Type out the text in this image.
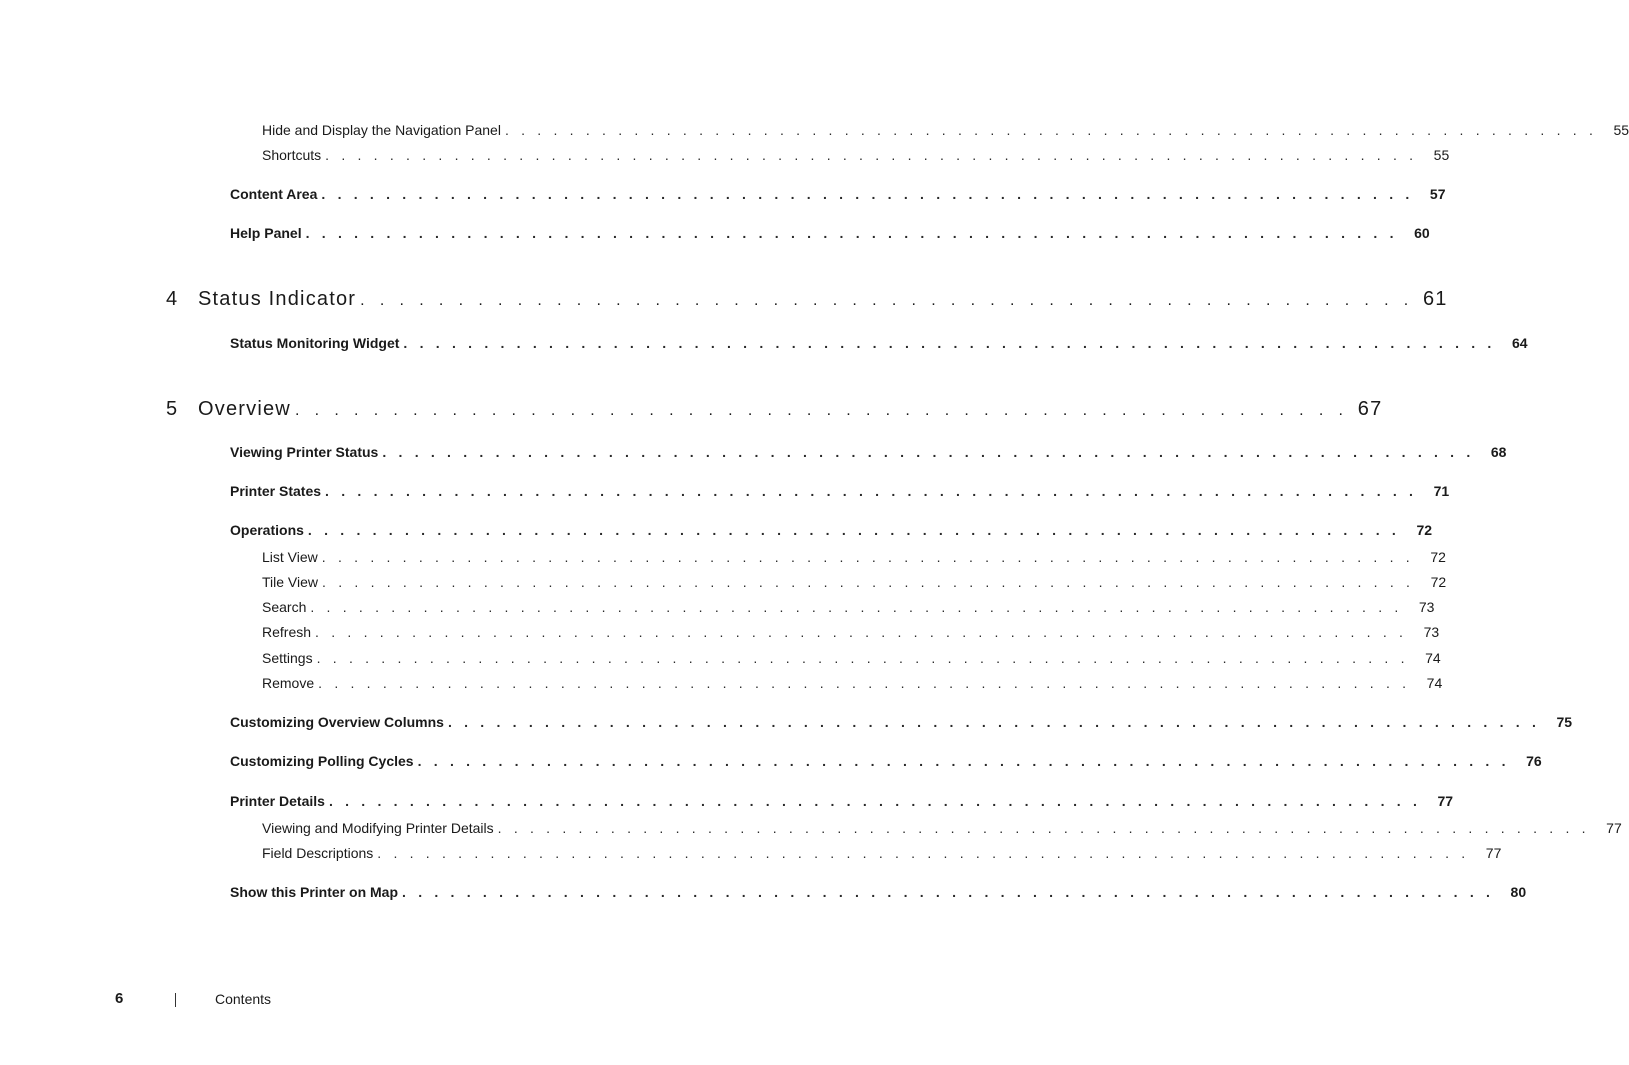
Hide and Display the Navigation Panel . . . . . . . . . . . . . . . . . . . . . . . . . . . . . . . . . . . . . . . . . . . . . . . . . . . . . . . . . . . . . . . . . . . .	55
Shortcuts . . . . . . . . . . . . . . . . . . . . . . . . . . . . . . . . . . . . . . . . . . . . . . . . . . . . . . . . . . . . . . . . . . . .	55
Content Area . . . . . . . . . . . . . . . . . . . . . . . . . . . . . . . . . . . . . . . . . . . . . . . . . . . . . . . . . . . . . . . . . . . .	57
Help Panel . . . . . . . . . . . . . . . . . . . . . . . . . . . . . . . . . . . . . . . . . . . . . . . . . . . . . . . . . . . . . . . . . . . .	60
4 Status Indicator . . . . . . . . . . . . . . . . . . . . . . . . . . . . . . . . . . . . . . . . . . . . . . . . . . . . . . 61
Status Monitoring Widget . . . . . . . . . . . . . . . . . . . . . . . . . . . . . . . . . . . . . . . . . . . . . . . . . . . . . . . . . . . . . . . . . . . .	64
5 Overview . . . . . . . . . . . . . . . . . . . . . . . . . . . . . . . . . . . . . . . . . . . . . . . . . . . . . . 67
Viewing Printer Status . . . . . . . . . . . . . . . . . . . . . . . . . . . . . . . . . . . . . . . . . . . . . . . . . . . . . . . . . . . . . . . . . . . .	68
Printer States . . . . . . . . . . . . . . . . . . . . . . . . . . . . . . . . . . . . . . . . . . . . . . . . . . . . . . . . . . . . . . . . . . . .	71
Operations . . . . . . . . . . . . . . . . . . . . . . . . . . . . . . . . . . . . . . . . . . . . . . . . . . . . . . . . . . . . . . . . . . . .	72
List View . . . . . . . . . . . . . . . . . . . . . . . . . . . . . . . . . . . . . . . . . . . . . . . . . . . . . . . . . . . . . . . . . . . .	72
Tile View . . . . . . . . . . . . . . . . . . . . . . . . . . . . . . . . . . . . . . . . . . . . . . . . . . . . . . . . . . . . . . . . . . . .	72
Search . . . . . . . . . . . . . . . . . . . . . . . . . . . . . . . . . . . . . . . . . . . . . . . . . . . . . . . . . . . . . . . . . . . .	73
Refresh . . . . . . . . . . . . . . . . . . . . . . . . . . . . . . . . . . . . . . . . . . . . . . . . . . . . . . . . . . . . . . . . . . . .	73
Settings . . . . . . . . . . . . . . . . . . . . . . . . . . . . . . . . . . . . . . . . . . . . . . . . . . . . . . . . . . . . . . . . . . . .	74
Remove . . . . . . . . . . . . . . . . . . . . . . . . . . . . . . . . . . . . . . . . . . . . . . . . . . . . . . . . . . . . . . . . . . . .	74
Customizing Overview Columns . . . . . . . . . . . . . . . . . . . . . . . . . . . . . . . . . . . . . . . . . . . . . . . . . . . . . . . . . . . . . . . . . . . .	75
Customizing Polling Cycles . . . . . . . . . . . . . . . . . . . . . . . . . . . . . . . . . . . . . . . . . . . . . . . . . . . . . . . . . . . . . . . . . . . .	76
Printer Details . . . . . . . . . . . . . . . . . . . . . . . . . . . . . . . . . . . . . . . . . . . . . . . . . . . . . . . . . . . . . . . . . . . .	77
Viewing and Modifying Printer Details . . . . . . . . . . . . . . . . . . . . . . . . . . . . . . . . . . . . . . . . . . . . . . . . . . . . . . . . . . . . . . . . . . . .	77
Field Descriptions . . . . . . . . . . . . . . . . . . . . . . . . . . . . . . . . . . . . . . . . . . . . . . . . . . . . . . . . . . . . . . . . . . . .	77
Show this Printer on Map . . . . . . . . . . . . . . . . . . . . . . . . . . . . . . . . . . . . . . . . . . . . . . . . . . . . . . . . . . . . . . . . . . . .	80
6	Contents
